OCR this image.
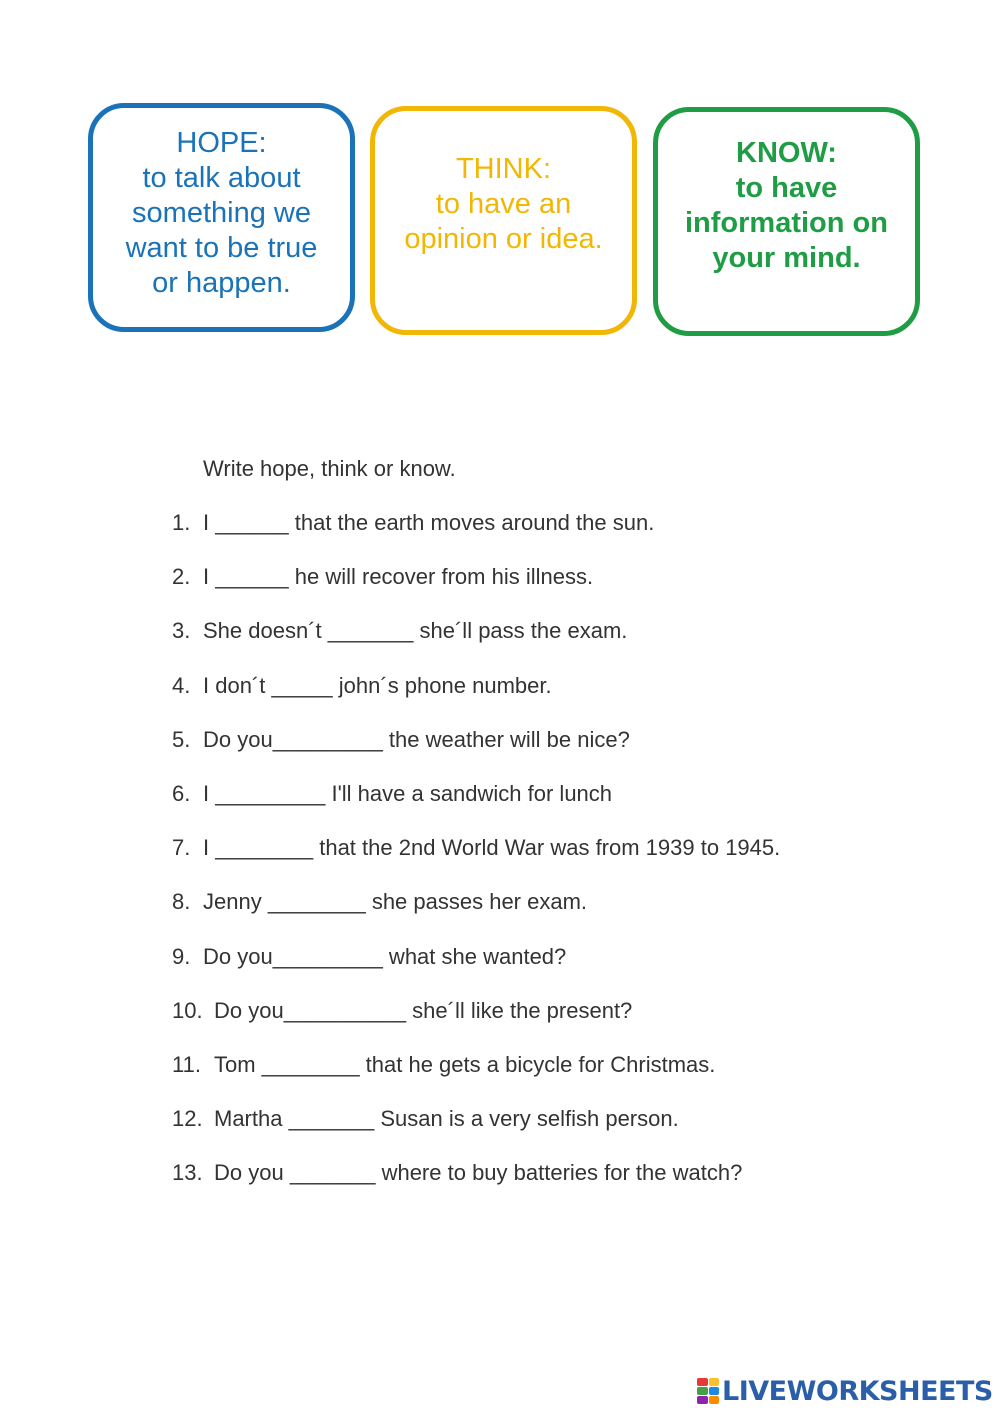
HOPE:
to talk about
something we
want to be true
or happen.
THINK:
to have an
opinion or idea.
KNOW:
to have
information on
your mind.
Write hope, think or know.
1. I ______ that the earth moves around the sun.
2. I ______ he will recover from his illness.
3. She doesn´t _______ she´ll pass the exam.
4. I don´t _____ john´s phone number.
5. Do you_________ the weather will be nice?
6. I _________ I'll have a sandwich for lunch
7. I ________ that the 2nd World War was from 1939 to 1945.
8. Jenny ________ she passes her exam.
9. Do you_________ what she wanted?
10. Do you__________ she´ll like the present?
11. Tom ________ that he gets a bicycle for Christmas.
12. Martha _______ Susan is a very selfish person.
13. Do you _______ where to buy batteries for the watch?
LIVEWORKSHEETS
